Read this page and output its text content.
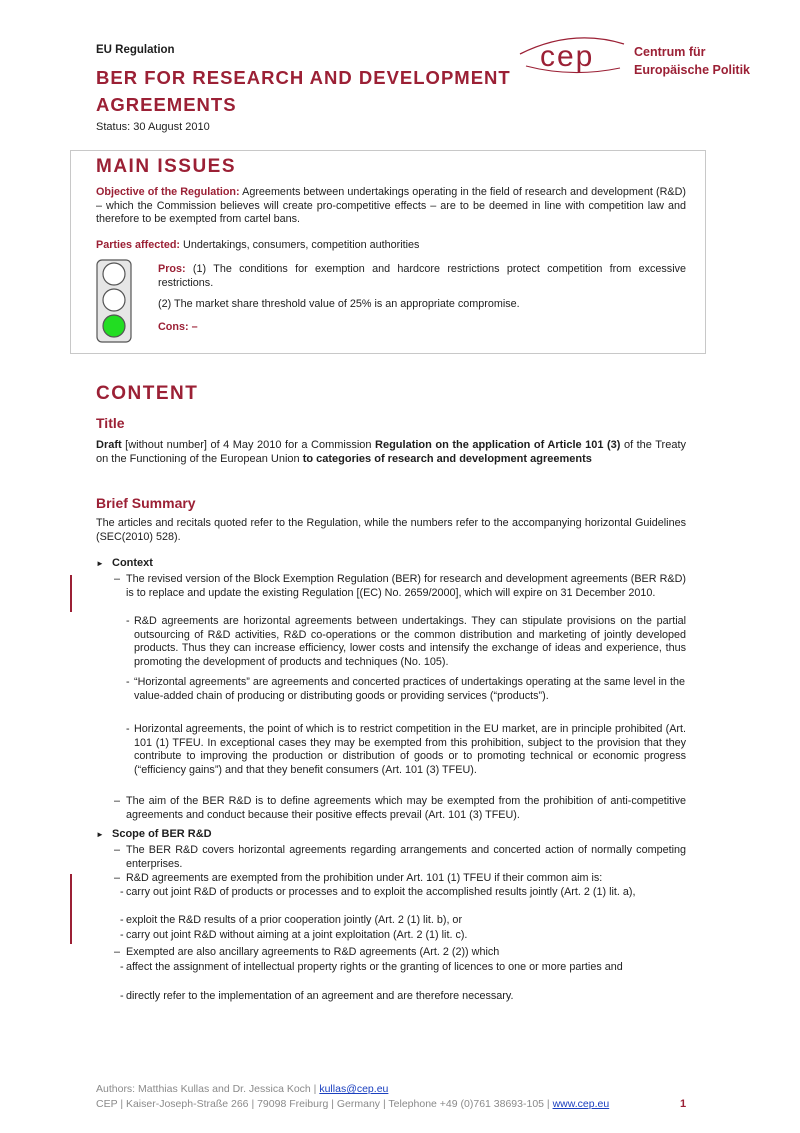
EU Regulation
BER FOR RESEARCH AND DEVELOPMENT
AGREEMENTS
Status: 30 August 2010
cep	Centrum für
Europäische Politik
MAIN ISSUES
Objective of the Regulation: Agreements between undertakings operating in the field of research and development (R&D) – which the Commission believes will create pro-competitive effects – are to be deemed in line with competition law and therefore to be exempted from cartel bans.
Parties affected: Undertakings, consumers, competition authorities
Pros: (1) The conditions for exemption and hardcore restrictions protect competition from excessive restrictions.
(2) The market share threshold value of 25% is an appropriate compromise.
Cons: –
CONTENT
Title
Draft [without number] of 4 May 2010 for a Commission Regulation on the application of Article 101 (3) of the Treaty on the Functioning of the European Union to categories of research and development agreements
Brief Summary
The articles and recitals quoted refer to the Regulation, while the numbers refer to the accompanying horizontal Guidelines (SEC(2010) 528).
► Context
– The revised version of the Block Exemption Regulation (BER) for research and development agreements (BER R&D) is to replace and update the existing Regulation [(EC) No. 2659/2000], which will expire on 31 December 2010.
- R&D agreements are horizontal agreements between undertakings. They can stipulate provisions on the partial outsourcing of R&D activities, R&D co-operations or the common distribution and marketing of jointly developed products. Thus they can increase efficiency, lower costs and intensify the exchange of ideas and experience, thus promoting the development of products and techniques (No. 105).
- “Horizontal agreements” are agreements and concerted practices of undertakings operating at the same level in the value-added chain of producing or distributing goods or providing services (“products”).
- Horizontal agreements, the point of which is to restrict competition in the EU market, are in principle prohibited (Art. 101 (1) TFEU. In exceptional cases they may be exempted from this prohibition, subject to the provision that they contribute to improving the production or distribution of goods or to promoting technical or economic progress (“efficiency gains”) and that they benefit consumers (Art. 101 (3) TFEU).
– The aim of the BER R&D is to define agreements which may be exempted from the prohibition of anti-competitive agreements and conduct because their positive effects prevail (Art. 101 (3) TFEU).
► Scope of BER R&D
– The BER R&D covers horizontal agreements regarding arrangements and concerted action of normally competing enterprises.
– R&D agreements are exempted from the prohibition under Art. 101 (1) TFEU if their common aim is:
- carry out joint R&D of products or processes and to exploit the accomplished results jointly (Art. 2 (1) lit. a),
- exploit the R&D results of a prior cooperation jointly (Art. 2 (1) lit. b), or
- carry out joint R&D without aiming at a joint exploitation (Art. 2 (1) lit. c).
– Exempted are also ancillary agreements to R&D agreements (Art. 2 (2)) which
- affect the assignment of intellectual property rights or the granting of licences to one or more parties and
- directly refer to the implementation of an agreement and are therefore necessary.
Authors: Matthias Kullas and Dr. Jessica Koch | kullas@cep.eu
CEP | Kaiser-Joseph-Straße 266 | 79098 Freiburg | Germany | Telephone +49 (0)761 38693-105 | www.cep.eu	1
